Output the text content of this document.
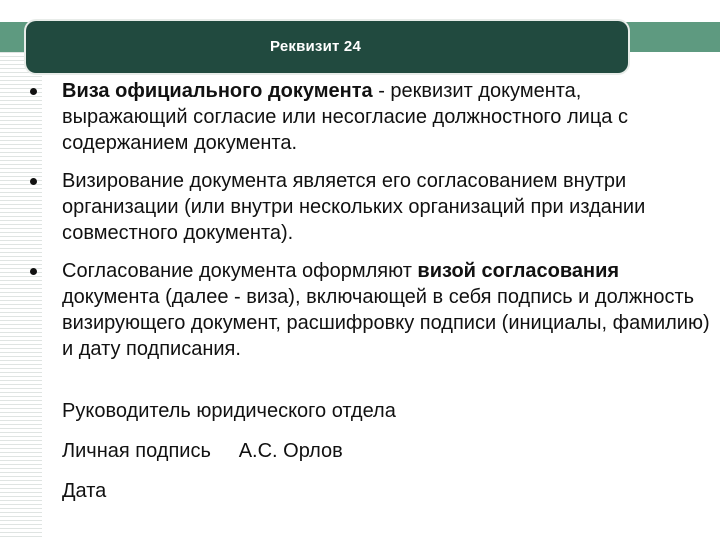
Реквизит 24
Виза официального документа - реквизит документа, выражающий согласие или несогласие должностного лица с содержанием документа.
Визирование документа является его согласованием внутри организации (или внутри нескольких организаций при издании совместного документа).
Согласование документа оформляют визой согласования документа (далее - виза), включающей в себя подпись и должность визирующего документ, расшифровку подписи (инициалы, фамилию) и дату подписания.
Руководитель юридического отдела
Личная подпись А.С. Орлов
Дата
